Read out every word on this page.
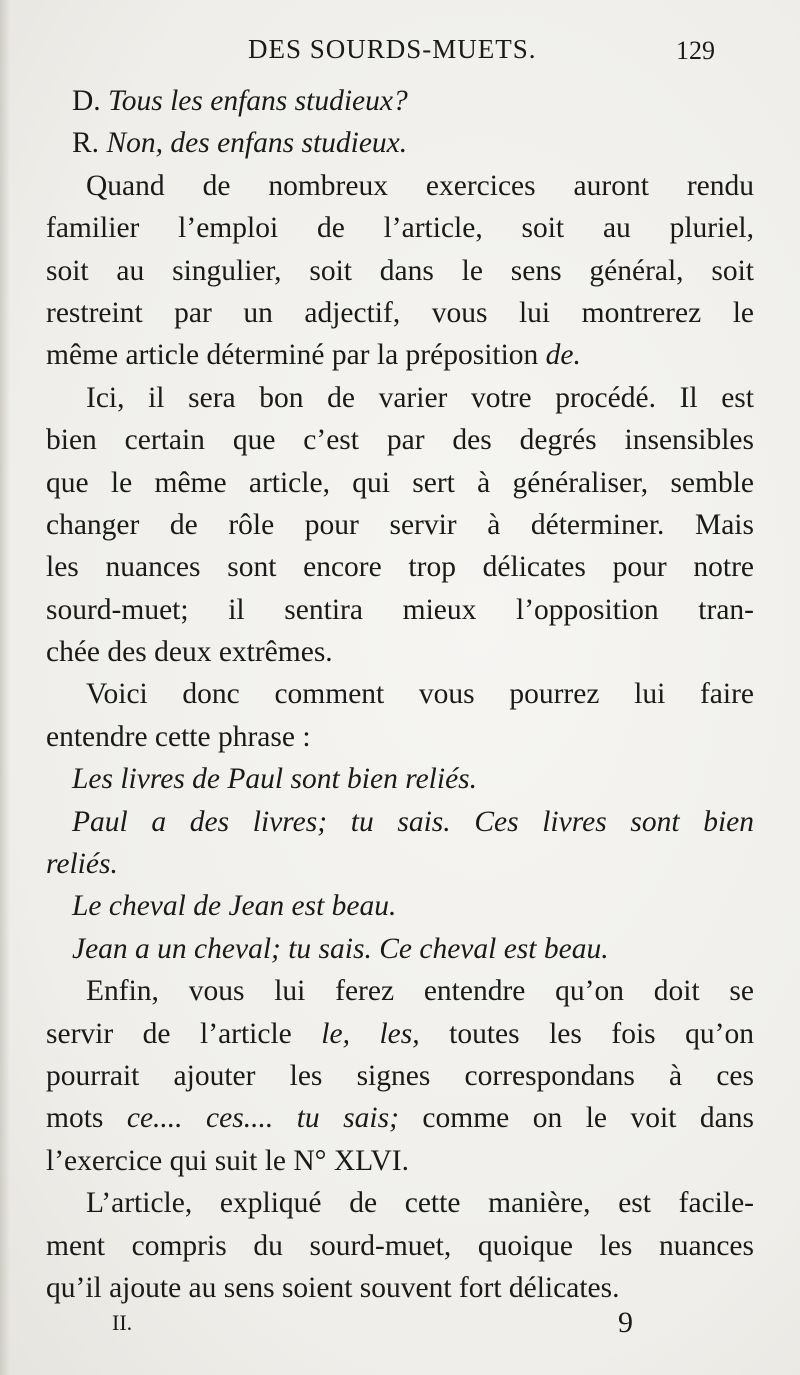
DES SOURDS-MUETS.	129
D. Tous les enfans studieux?
R. Non, des enfans studieux.
Quand de nombreux exercices auront rendu
familier l’emploi de l’article, soit au pluriel,
soit au singulier, soit dans le sens général, soit
restreint par un adjectif, vous lui montrerez le
même article déterminé par la préposition de.
Ici, il sera bon de varier votre procédé. Il est
bien certain que c’est par des degrés insensibles
que le même article, qui sert à généraliser, semble
changer de rôle pour servir à déterminer. Mais
les nuances sont encore trop délicates pour notre
sourd-muet; il sentira mieux l’opposition tran-
chée des deux extrêmes.
Voici donc comment vous pourrez lui faire
entendre cette phrase :
Les livres de Paul sont bien reliés.
Paul a des livres; tu sais. Ces livres sont bien
reliés.
Le cheval de Jean est beau.
Jean a un cheval; tu sais. Ce cheval est beau.
Enfin, vous lui ferez entendre qu’on doit se
servir de l’article le, les, toutes les fois qu’on
pourrait ajouter les signes correspondans à ces
mots ce.... ces.... tu sais; comme on le voit dans
l’exercice qui suit le N° XLVI.
L’article, expliqué de cette manière, est facile-
ment compris du sourd-muet, quoique les nuances
qu’il ajoute au sens soient souvent fort délicates.
II.	9
